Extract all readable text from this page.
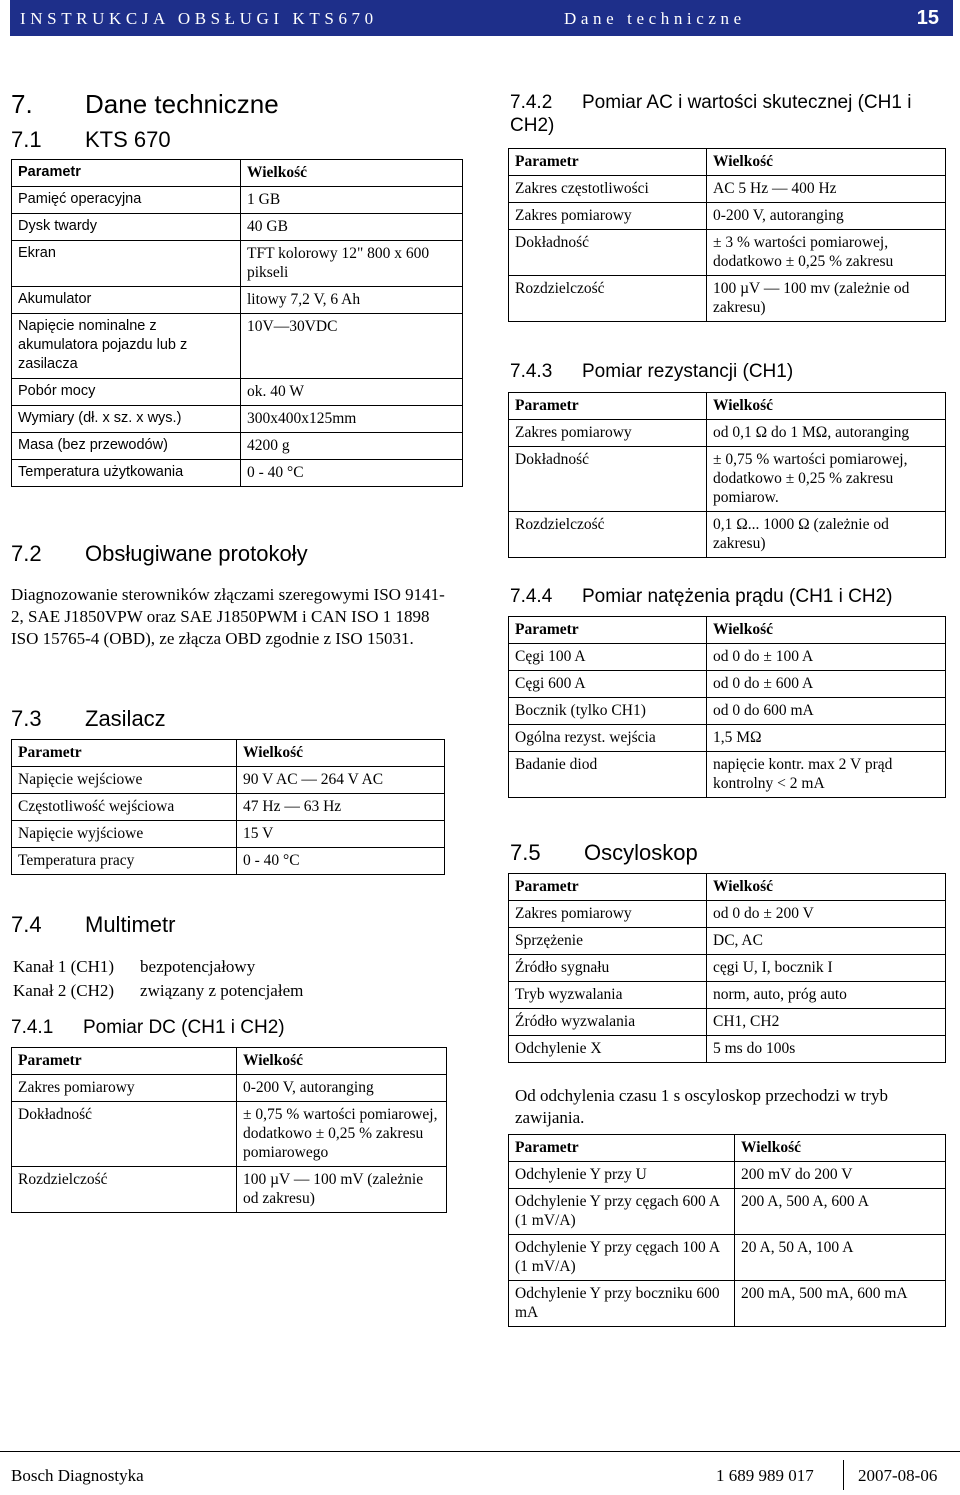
INSTRUKCJA OBSŁUGI KTS670	Dane techniczne	15
7. Dane techniczne
7.1 KTS 670
Parametr	Wielkość
Pamięć operacyjna	1 GB
Dysk twardy	40 GB
Ekran	TFT kolorowy 12" 800 x 600 pikseli
Akumulator	litowy 7,2 V, 6 Ah
Napięcie nominalne z akumulatora pojazdu lub z zasilacza	10V—30VDC
Pobór mocy	ok. 40 W
Wymiary (dł. x sz. x wys.)	300x400x125mm
Masa (bez przewodów)	4200 g
Temperatura użytkowania	0 - 40 °C
7.2 Obsługiwane protokoły
Diagnozowanie sterowników złączami szeregowymi ISO 9141-2, SAE J1850VPW oraz SAE J1850PWM i CAN ISO 1 1898 ISO 15765-4 (OBD), ze złącza OBD zgodnie z ISO 15031.
7.3 Zasilacz
Parametr	Wielkość
Napięcie wejściowe	90 V AC — 264 V AC
Częstotliwość wejściowa	47 Hz — 63 Hz
Napięcie wyjściowe	15 V
Temperatura pracy	0 - 40 °C
7.4 Multimetr
Kanał 1 (CH1)	bezpotencjałowy
Kanał 2 (CH2)	związany z potencjałem
7.4.1 Pomiar DC (CH1 i CH2)
Parametr	Wielkość
Zakres pomiarowy	0-200 V, autoranging
Dokładność	± 0,75 % wartości pomiarowej, dodatkowo ± 0,25 % zakresu pomiarowego
Rozdzielczość	100 µV — 100 mV (zależnie od zakresu)
7.4.2 Pomiar AC i wartości skutecznej (CH1 i CH2)
Parametr	Wielkość
Zakres częstotliwości	AC 5 Hz — 400 Hz
Zakres pomiarowy	0-200 V, autoranging
Dokładność	± 3 % wartości pomiarowej, dodatkowo ± 0,25 % zakresu
Rozdzielczość	100 µV — 100 mv (zależnie od zakresu)
7.4.3 Pomiar rezystancji (CH1)
Parametr	Wielkość
Zakres pomiarowy	od 0,1 Ω do 1 MΩ, autoranging
Dokładność	± 0,75 % wartości pomiarowej, dodatkowo ± 0,25 % zakresu pomiarow.
Rozdzielczość	0,1 Ω... 1000 Ω (zależnie od zakresu)
7.4.4 Pomiar natężenia prądu (CH1 i CH2)
Parametr	Wielkość
Cęgi 100 A	od 0 do ± 100 A
Cęgi 600 A	od 0 do ± 600 A
Bocznik (tylko CH1)	od 0 do 600 mA
Ogólna rezyst. wejścia	1,5 MΩ
Badanie diod	napięcie kontr. max 2 V prąd kontrolny < 2 mA
7.5 Oscyloskop
Parametr	Wielkość
Zakres pomiarowy	od 0 do ± 200 V
Sprzężenie	DC, AC
Źródło sygnału	cęgi U, I, bocznik I
Tryb wyzwalania	norm, auto, próg auto
Źródło wyzwalania	CH1, CH2
Odchylenie X	5 ms do 100s
Od odchylenia czasu 1 s oscyloskop przechodzi w tryb zawijania.
Parametr	Wielkość
Odchylenie Y przy U	200 mV do 200 V
Odchylenie Y przy cęgach 600 A (1 mV/A)	200 A, 500 A, 600 A
Odchylenie Y przy cęgach 100 A (1 mV/A)	20 A, 50 A, 100 A
Odchylenie Y przy boczniku 600 mA	200 mA, 500 mA, 600 mA
Bosch Diagnostyka	1 689 989 017	2007-08-06
